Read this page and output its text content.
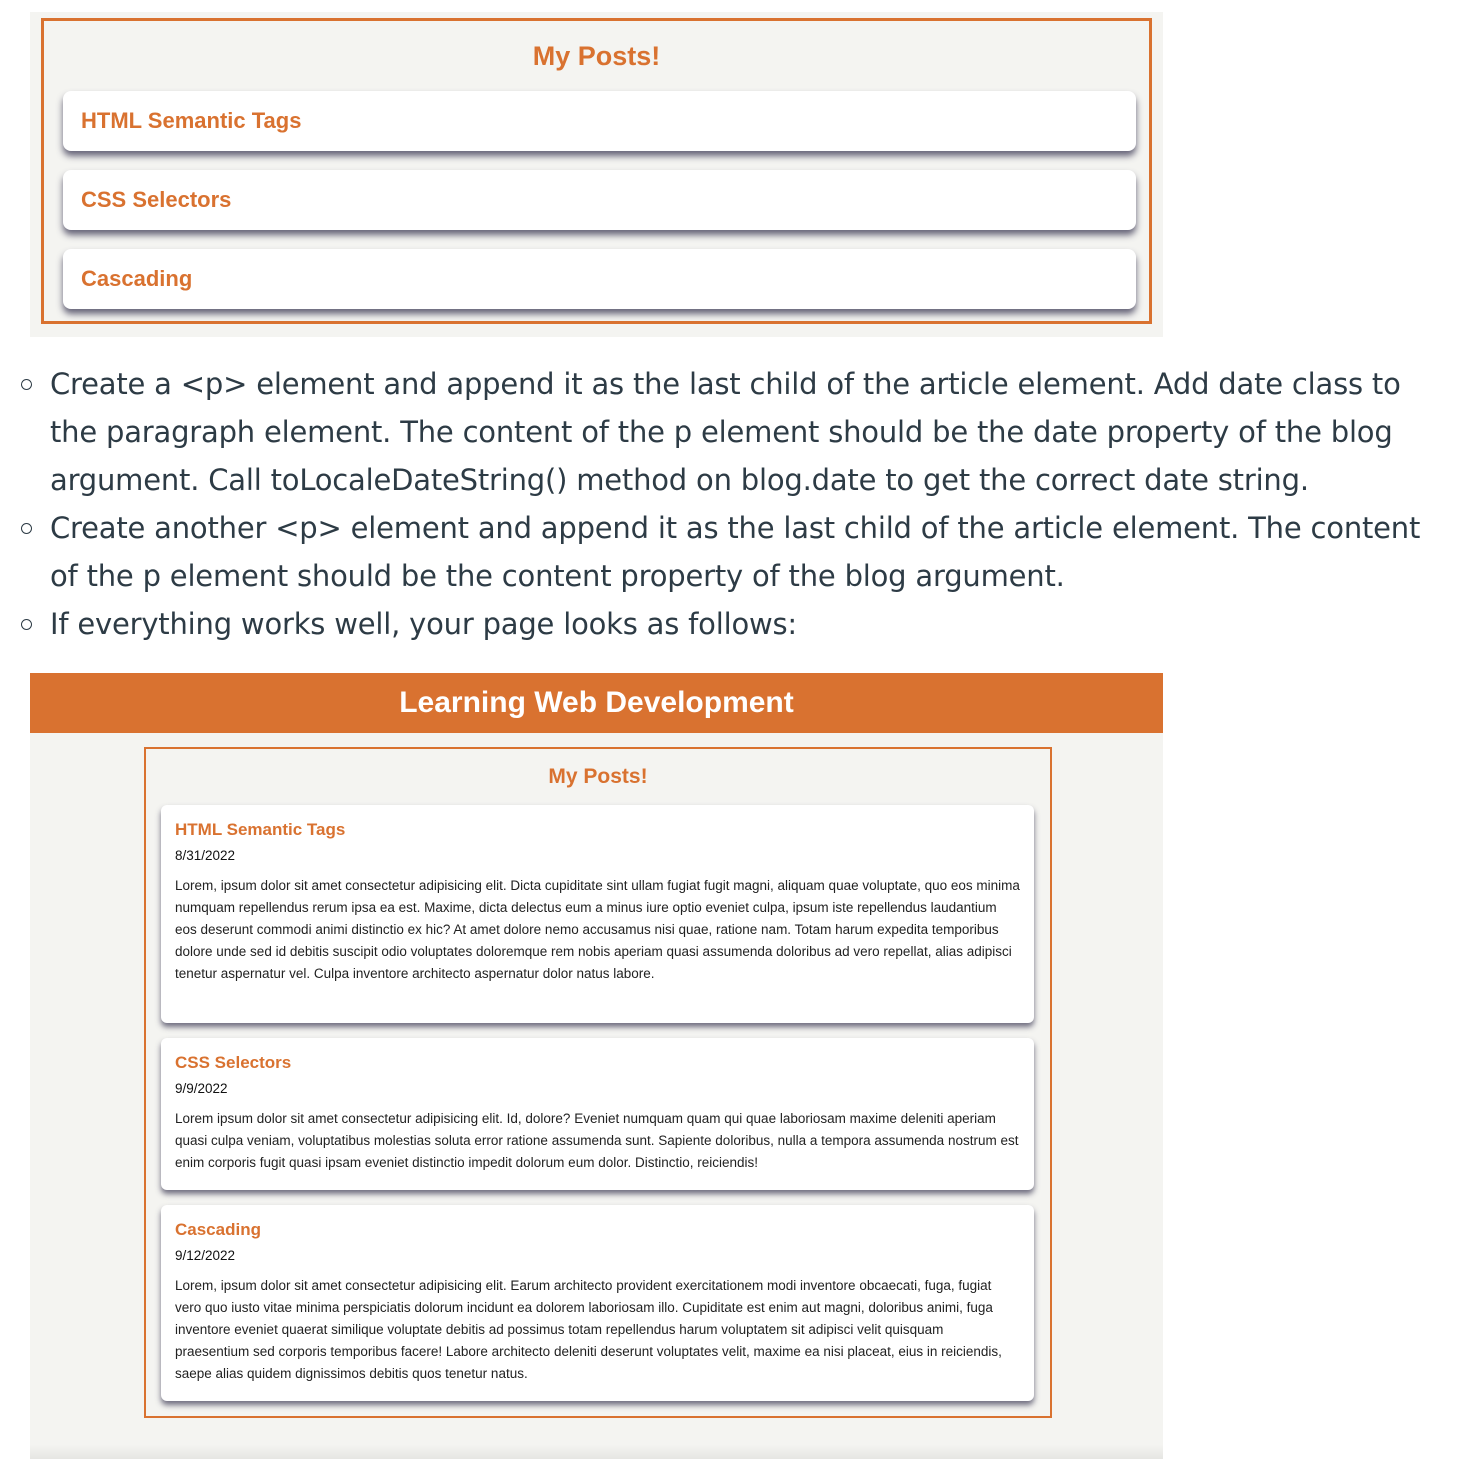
My Posts!
HTML Semantic Tags
CSS Selectors
Cascading
Create a <p> element and append it as the last child of the article element. Add date class to the paragraph element. The content of the p element should be the date property of the blog argument. Call toLocaleDateString() method on blog.date to get the correct date string.
Create another <p> element and append it as the last child of the article element. The content of the p element should be the content property of the blog argument.
If everything works well, your page looks as follows:
Learning Web Development
My Posts!
HTML Semantic Tags

8/31/2022

Lorem, ipsum dolor sit amet consectetur adipisicing elit. Dicta cupiditate sint ullam fugiat fugit magni, aliquam quae voluptate, quo eos minima numquam repellendus rerum ipsa ea est. Maxime, dicta delectus eum a minus iure optio eveniet culpa, ipsum iste repellendus laudantium eos deserunt commodi animi distinctio ex hic? At amet dolore nemo accusamus nisi quae, ratione nam. Totam harum expedita temporibus dolore unde sed id debitis suscipit odio voluptates doloremque rem nobis aperiam quasi assumenda doloribus ad vero repellat, alias adipisci tenetur aspernatur vel. Culpa inventore architecto aspernatur dolor natus labore.

CSS Selectors

9/9/2022

Lorem ipsum dolor sit amet consectetur adipisicing elit. Id, dolore? Eveniet numquam quam qui quae laboriosam maxime deleniti aperiam quasi culpa veniam, voluptatibus molestias soluta error ratione assumenda sunt. Sapiente doloribus, nulla a tempora assumenda nostrum est enim corporis fugit quasi ipsam eveniet distinctio impedit dolorum eum dolor. Distinctio, reiciendis!

Cascading

9/12/2022

Lorem, ipsum dolor sit amet consectetur adipisicing elit. Earum architecto provident exercitationem modi inventore obcaecati, fuga, fugiat vero quo iusto vitae minima perspiciatis dolorum incidunt ea dolorem laboriosam illo. Cupiditate est enim aut magni, doloribus animi, fuga inventore eveniet quaerat similique voluptate debitis ad possimus totam repellendus harum voluptatem sit adipisci velit quisquam praesentium sed corporis temporibus facere! Labore architecto deleniti deserunt voluptates velit, maxime ea nisi placeat, eius in reiciendis, saepe alias quidem dignissimos debitis quos tenetur natus.
